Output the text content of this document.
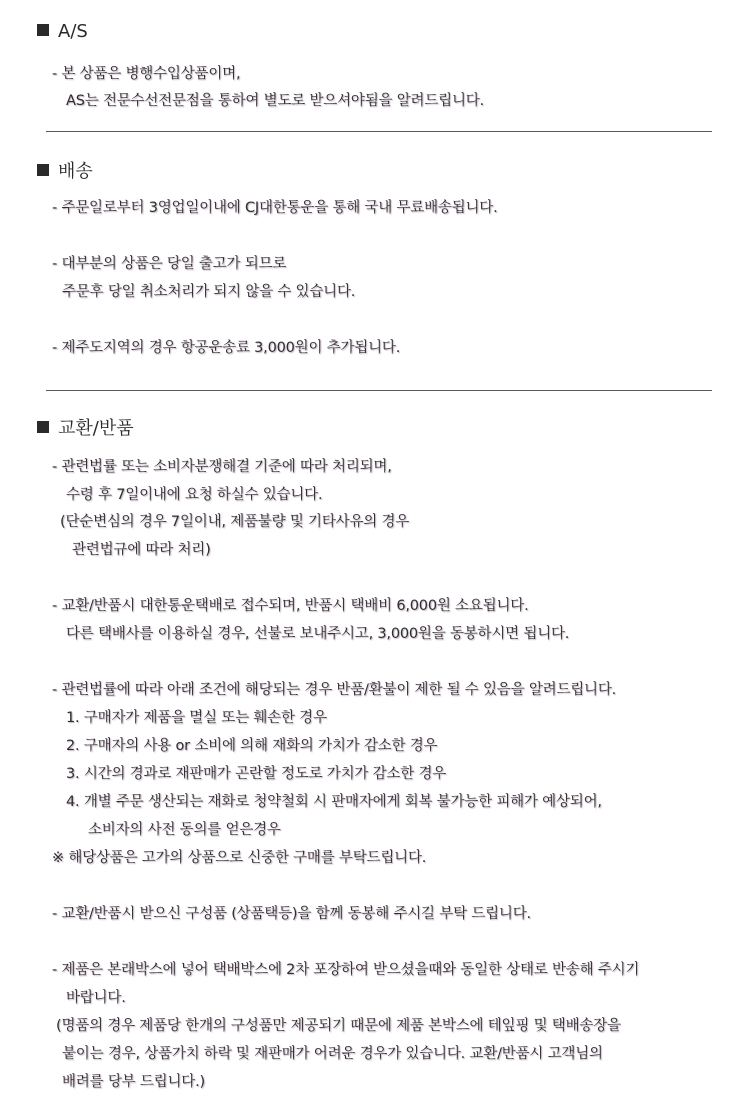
A/S
- 본 상품은 병행수입상품이며,
AS는 전문수선전문점을 통하여 별도로 받으셔야됨을 알려드립니다.
배송
- 주문일로부터 3영업일이내에 CJ대한통운을 통해 국내 무료배송됩니다.
- 대부분의 상품은 당일 출고가 되므로
주문후 당일 취소처리가 되지 않을 수 있습니다.
- 제주도지역의 경우 항공운송료 3,000원이 추가됩니다.
교환/반품
- 관련법률 또는 소비자분쟁해결 기준에 따라 처리되며,
수령 후 7일이내에 요청 하실수 있습니다.
(단순변심의 경우 7일이내, 제품불량 및 기타사유의 경우
관련법규에 따라 처리)
- 교환/반품시 대한통운택배로 접수되며, 반품시 택배비 6,000원 소요됩니다.
다른 택배사를 이용하실 경우, 선불로 보내주시고, 3,000원을 동봉하시면 됩니다.
- 관련법률에 따라 아래 조건에 해당되는 경우 반품/환불이 제한 될 수 있음을 알려드립니다.
1. 구매자가 제품을 멸실 또는 훼손한 경우
2. 구매자의 사용 or 소비에 의해 재화의 가치가 감소한 경우
3. 시간의 경과로 재판매가 곤란할 정도로 가치가 감소한 경우
4. 개별 주문 생산되는 재화로 청약철회 시 판매자에게 회복 불가능한 피해가 예상되어,
소비자의 사전 동의를 얻은경우
※ 해당상품은 고가의 상품으로 신중한 구매를 부탁드립니다.
- 교환/반품시 받으신 구성품 (상품택등)을 함께 동봉해 주시길 부탁 드립니다.
- 제품은 본래박스에 넣어 택배박스에 2차 포장하여 받으셨을때와 동일한 상태로 반송해 주시기
바랍니다.
(명품의 경우 제품당 한개의 구성품만 제공되기 때문에 제품 본박스에 테잎핑 및 택배송장을
붙이는 경우, 상품가치 하락 및 재판매가 어려운 경우가 있습니다. 교환/반품시 고객님의
배려를 당부 드립니다.)
